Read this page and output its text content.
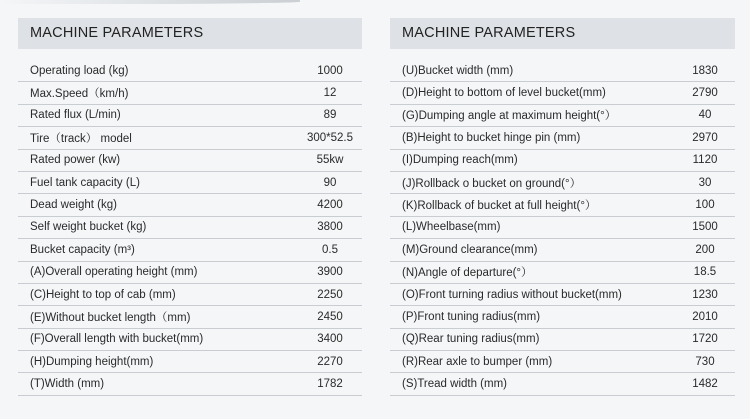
MACHINE PARAMETERS
Operating load (kg)	1000
Max.Speed（km/h)	12
Rated flux (L/min)	89
Tire（track） model	300*52.5
Rated power (kw)	55kw
Fuel tank capacity (L)	90
Dead weight (kg)	4200
Self weight bucket (kg)	3800
Bucket capacity (m³)	0.5
(A)Overall operating height (mm)	3900
(C)Height to top of cab (mm)	2250
(E)Without bucket length（mm)	2450
(F)Overall length with bucket(mm)	3400
(H)Dumping height(mm)	2270
(T)Width (mm)	1782
MACHINE PARAMETERS
(U)Bucket width (mm)	1830
(D)Height to bottom of level bucket(mm)	2790
(G)Dumping angle at maximum height(°）	40
(B)Height to bucket hinge pin (mm)	2970
(I)Dumping reach(mm)	1120
(J)Rollback o bucket on ground(°）	30
(K)Rollback of bucket at full height(°）	100
(L)Wheelbase(mm)	1500
(M)Ground clearance(mm)	200
(N)Angle of departure(°）	18.5
(O)Front turning radius without bucket(mm)	1230
(P)Front tuning radius(mm)	2010
(Q)Rear tuning radius(mm)	1720
(R)Rear axle to bumper (mm)	730
(S)Tread width (mm)	1482
